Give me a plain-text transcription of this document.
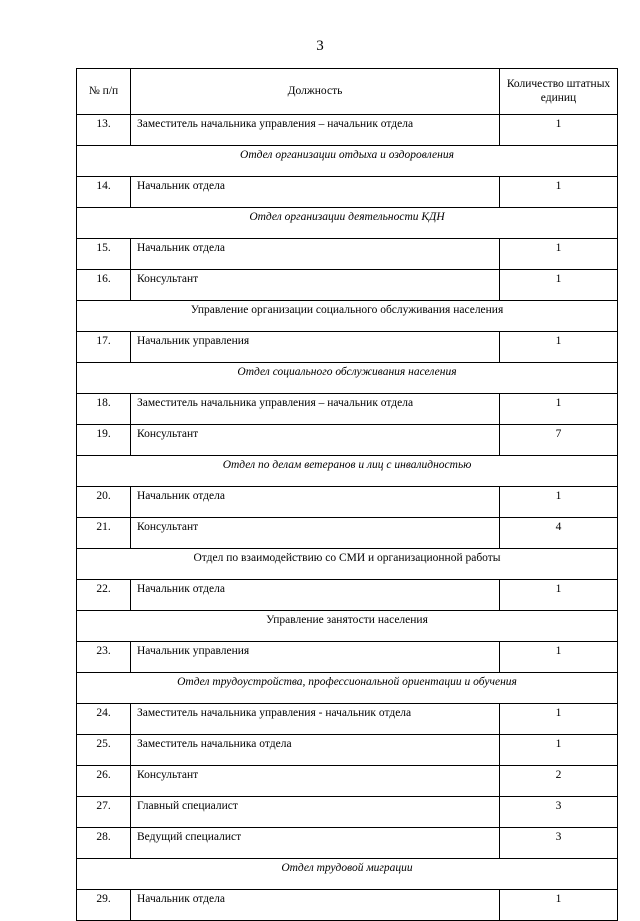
3
№ п/п	Должность	Количество штатных единиц
13.	Заместитель начальника управления – начальник отдела	1
Отдел организации отдыха и оздоровления		
14.	Начальник отдела	1
Отдел организации деятельности КДН		
15.	Начальник отдела	1
16.	Консультант	1
Управление организации социального обслуживания населения		
17.	Начальник управления	1
Отдел социального обслуживания населения		
18.	Заместитель начальника управления – начальник отдела	1
19.	Консультант	7
Отдел по делам ветеранов и лиц с инвалидностью		
20.	Начальник отдела	1
21.	Консультант	4
Отдел по взаимодействию со СМИ и организационной работы		
22.	Начальник отдела	1
Управление занятости населения		
23.	Начальник управления	1
Отдел трудоустройства, профессиональной ориентации и обучения		
24.	Заместитель начальника управления - начальник отдела	1
25.	Заместитель начальника отдела	1
26.	Консультант	2
27.	Главный специалист	3
28.	Ведущий специалист	3
Отдел трудовой миграции		
29.	Начальник отдела	1
